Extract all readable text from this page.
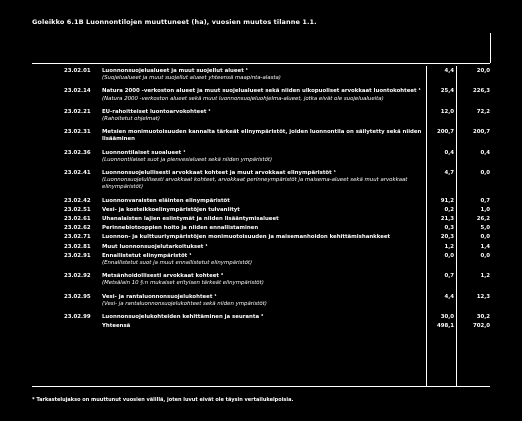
Goleikko 6.1B Luonnontilojen muuttuneet (ha), vuosien muutos tilanne 1.1.
23.02.01	Luonnonsuojelualueet ja muut suojellut alueet ¹
(Suojelualueet ja muut suojellut alueet yhteensä maapinta-alasta)
4,4	20,0
23.02.14	Natura 2000 -verkoston alueet ja muut suojelualueet sekä niiden ulkopuoliset arvokkaat luontokohteet ¹
(Natura 2000 -verkoston alueet sekä muut luonnonsuojeluohjelma-alueet, jotka eivät ole suojelualueita)
25,4	226,3
23.02.21	EU-rahoitteiset luontoarvokohteet ¹
(Rahoitetut ohjelmat)
12,0	72,2
23.02.31	Metsien monimuotoisuuden kannalta tärkeät elinympäristöt, joiden luonnontila on säilytetty sekä niiden lisääminen
200,7	200,7
23.02.36	Luonnontilaiset suoalueet ¹
(Luonnontilaiset suot ja pienvesialueet sekä niiden ympäristöt)
0,4	0,4
23.02.41	Luonnonsuojelullisesti arvokkaat kohteet ja muut arvokkaat elinympäristöt ¹
(Luonnonsuojelullisesti arvokkaat kohteet, arvokkaat perinneympäristöt ja maisema-alueet sekä muut arvokkaat elinympäristöt)
4,7	0,0
23.02.42	Luonnonvaraisten eläinten elinympäristöt	91,2	0,7
23.02.51	Vesi- ja kosteikkoelinympäristöjen tulvaniityt	0,2	1,0
23.02.61	Uhanalaisten lajien esiintymät ja niiden lisääntymisalueet	21,3	26,2
23.02.62	Perinnebiotooppien hoito ja niiden ennallistaminen	0,3	5,0
23.02.71	Luonnon- ja kulttuuriympäristöjen monimuotoisuuden ja maisemanhoidon kehittämishankkeet	20,3	0,0
23.02.81	Muut luonnonsuojelutarkoitukset ¹	1,2	1,4
23.02.91	Ennallistetut elinympäristöt ¹
(Ennallistetut suot ja muut ennallistetut elinympäristöt)
0,0	0,0
23.02.92	Metsänhoidollisesti arvokkaat kohteet ²
(Metsälain 10 §:n mukaiset erityisen tärkeät elinympäristöt)
0,7	1,2
23.02.95	Vesi- ja rantaluonnonsuojelukohteet ¹
(Vesi- ja rantaluonnonsuojelukohteet sekä niiden ympäristöt)
4,4	12,3
23.02.99	Luonnonsuojelukohteiden kehittäminen ja seuranta ²	30,0	30,2
Yhteensä	498,1	702,0
* Tarkastelujakso on muuttunut vuosien välillä, joten luvut eivät ole täysin vertailukelpoisia.
